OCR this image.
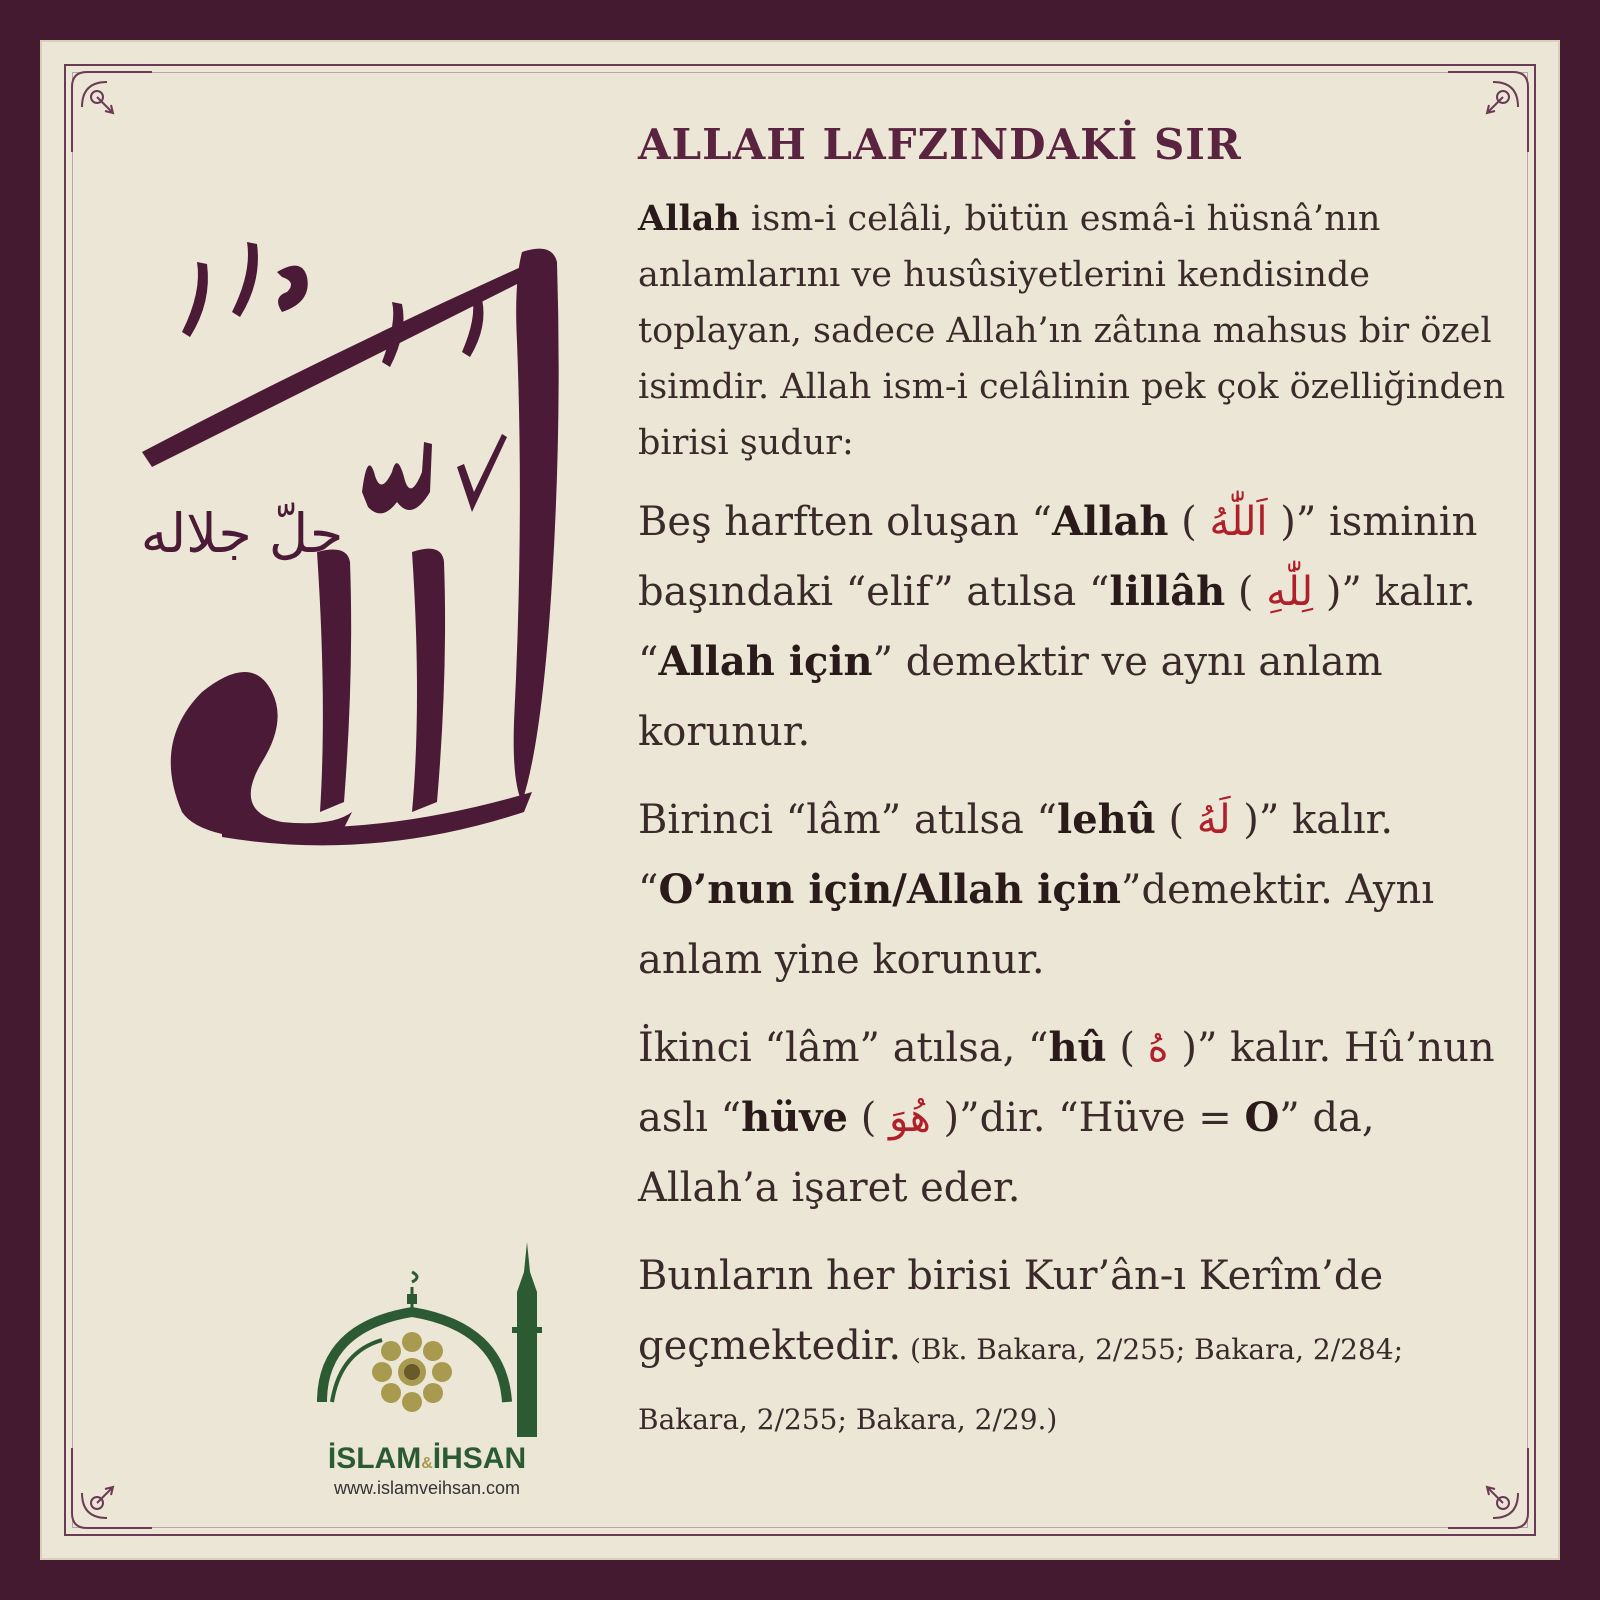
جلّ جلاله
İSLAM&İHSAN
www.islamveihsan.com
ALLAH LAFZINDAKİ SIR

Allah ism-i celâli, bütün esmâ-i hüsnâ’nın anlamlarını ve husûsiyetlerini kendisinde toplayan, sadece Allah’ın zâtına mahsus bir özel isimdir. Allah ism-i celâlinin pek çok özelliğinden birisi şudur:

Beş harften oluşan “Allah ( اَللّٰهُ )” isminin başındaki “elif” atılsa “lillâh ( لِلّٰهِ )” kalır. “Allah için” demektir ve aynı anlam korunur.

Birinci “lâm” atılsa “lehû ( لَهُ )” kalır. “O’nun için/Allah için”demektir. Aynı anlam yine korunur.

İkinci “lâm” atılsa, “hû ( هُ )” kalır. Hû’nun aslı “hüve ( هُوَ )”dir. “Hüve = O” da, Allah’a işaret eder.

Bunların her birisi Kur’ân-ı Kerîm’de geçmektedir. (Bk. Bakara, 2/255; Bakara, 2/284; Bakara, 2/255; Bakara, 2/29.)
